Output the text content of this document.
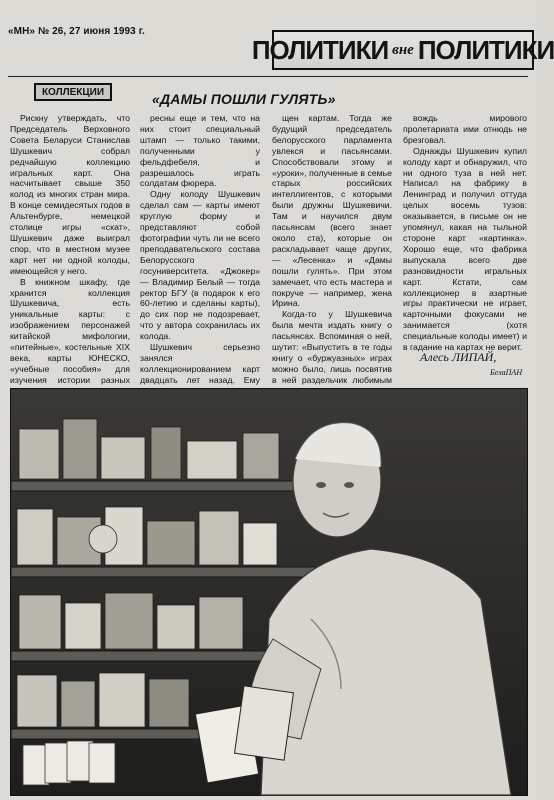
«МН» № 26, 27 июня 1993 г.
ПОЛИТИКИ вне ПОЛИТИКИ
КОЛЛЕКЦИИ	«ДАМЫ ПОШЛИ ГУЛЯТЬ»

Рискну утверждать, что Председатель Верховного Совета Беларуси Станислав Шушкевич собрал редчайшую коллекцию игральных карт. Она насчитывает свыше 350 колод из многих стран мира. В конце семидесятых годов в Альтенбурге, немецкой столице игры «скат», Шушкевич даже выиграл спор, что в местном музее карт нет ни одной колоды, имеющейся у него.

В книжном шкафу, где хранится коллекция Шушкевича, есть уникальные карты: с изображением персонажей китайской мифологии, «питейные», костельные XIX века, карты ЮНЕСКО, «учебные пособия» для изучения истории разных

ресны еще и тем, что на них стоит специальный штамп — только такими, полученными у фельдфебеля, и разрешалось играть солдатам фюрера.

Одну колоду Шушкевич сделал сам — карты имеют круглую форму и представляют собой фотографии чуть ли не всего преподавательского состава Белорусского госуниверситета. «Джокер» — Владимир Белый — тогда ректор БГУ (в подарок к его 60-летию и сделаны карты), до сих пор не подозревает, что у автора сохранилась их колода.

Шушкевич серьезно занялся коллекционированием карт двадцать лет назад. Ему

щен картам. Тогда же будущий председатель белорусского парламента увлекся и пасьянсами. Способствовали этому и «уроки», полученные в семье старых российских интеллигентов, с которыми были дружны Шушкевичи. Там и научился двум пасьянсам (всего знает около ста), которые он раскладывает чаще других,— «Лесенка» и «Дамы пошли гулять». При этом замечает, что есть мастера и покруче — например, жена Ирина.

Когда-то у Шушкевича была мечта издать книгу о пасьянсах. Вспоминая о ней, шутит: «Выпустить в те годы книгу о «буржуазных» играх можно было, лишь посвятив в ней раздельчик любимым

вождь мирового пролетариата ими отнюдь не брезговал.

Однажды Шушкевич купил колоду карт и обнаружил, что ни одного туза в ней нет. Написал на фабрику в Ленинград и получил оттуда целых восемь тузов: оказывается, в письме он не упомянул, какая на тыльной стороне карт «картинка». Хорошо еще, что фабрика выпускала всего две разновидности игральных карт. Кстати, сам коллекционер в азартные игры практически не играет, карточными фокусами не занимается (хотя специальные колоды имеет) и в гадание на картах не верит.

Алесь ЛИПАЙ,
БелаПАН
